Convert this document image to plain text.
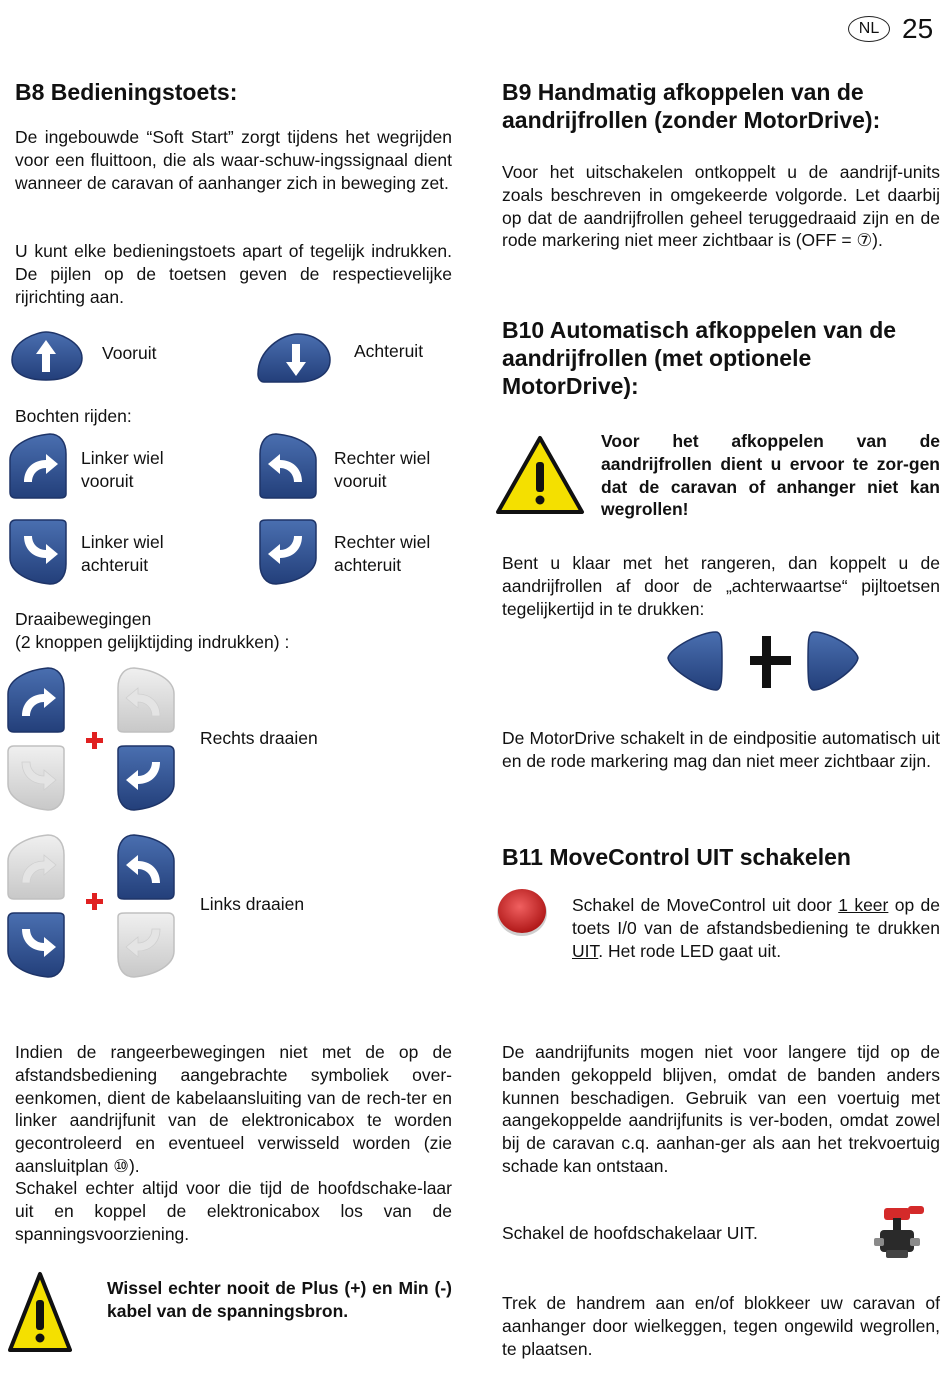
NL 25
B8 Bedieningstoets:
De ingebouwde “Soft Start” zorgt tijdens het wegrijden voor een fluittoon, die als waar-schuw-ingssignaal dient wanneer de caravan of aanhanger zich in beweging zet.
U kunt elke bedieningstoets apart of tegelijk indrukken. De pijlen op de toetsen geven de respectievelijke rijrichting aan.
Vooruit	Achteruit
Bochten rijden:
Linker wiel
vooruit
Rechter wiel
vooruit
Linker wiel
achteruit
Rechter wiel
achteruit
Draaibewegingen
(2 knoppen gelijktijding indrukken) :
Rechts draaien
Links draaien
Indien de rangeerbewegingen niet met de op de afstandsbediening aangebrachte symboliek over-eenkomen, dient de kabelaansluiting van de rech-ter en linker aandrijfunit van de elektronicabox te worden gecontroleerd en eventueel verwisseld worden (zie aansluitplan ⑩).
Schakel echter altijd voor die tijd de hoofdschake-laar uit en koppel de elektronicabox los van de spanningsvoorziening.
Wissel echter nooit de Plus (+) en Min (-) kabel van de spanningsbron.
B9 Handmatig afkoppelen van de
aandrijfrollen (zonder MotorDrive):
Voor het uitschakelen ontkoppelt u de aandrijf-units zoals beschreven in omgekeerde volgorde. Let daarbij op dat de aandrijfrollen geheel teruggedraaid zijn en de rode markering niet meer zichtbaar is (OFF = ⑦).
B10 Automatisch afkoppelen van de
aandrijfrollen (met optionele
MotorDrive):
Voor het afkoppelen van de aandrijfrollen dient u ervoor te zor-gen dat de caravan of anhanger niet kan wegrollen!
Bent u klaar met het rangeren, dan koppelt u de aandrijfrollen af door de „achterwaartse“ pijltoetsen tegelijkertijd in te drukken:
De MotorDrive schakelt in de eindpositie automatisch uit en de rode markering mag dan niet meer zichtbaar zijn.
B11 MoveControl UIT schakelen
Schakel de MoveControl uit door 1 keer op de toets I/0 van de afstandsbediening te drukken UIT. Het rode LED gaat uit.
De aandrijfunits mogen niet voor langere tijd op de banden gekoppeld blijven, omdat de banden anders kunnen beschadigen. Gebruik van een voertuig met aangekoppelde aandrijfunits is ver-boden, omdat zowel bij de caravan c.q. aanhan-ger als aan het trekvoertuig schade kan ontstaan.
Schakel de hoofdschakelaar UIT.
Trek de handrem aan en/of blokkeer uw caravan of aanhanger door wielkeggen, tegen ongewild wegrollen, te plaatsen.
